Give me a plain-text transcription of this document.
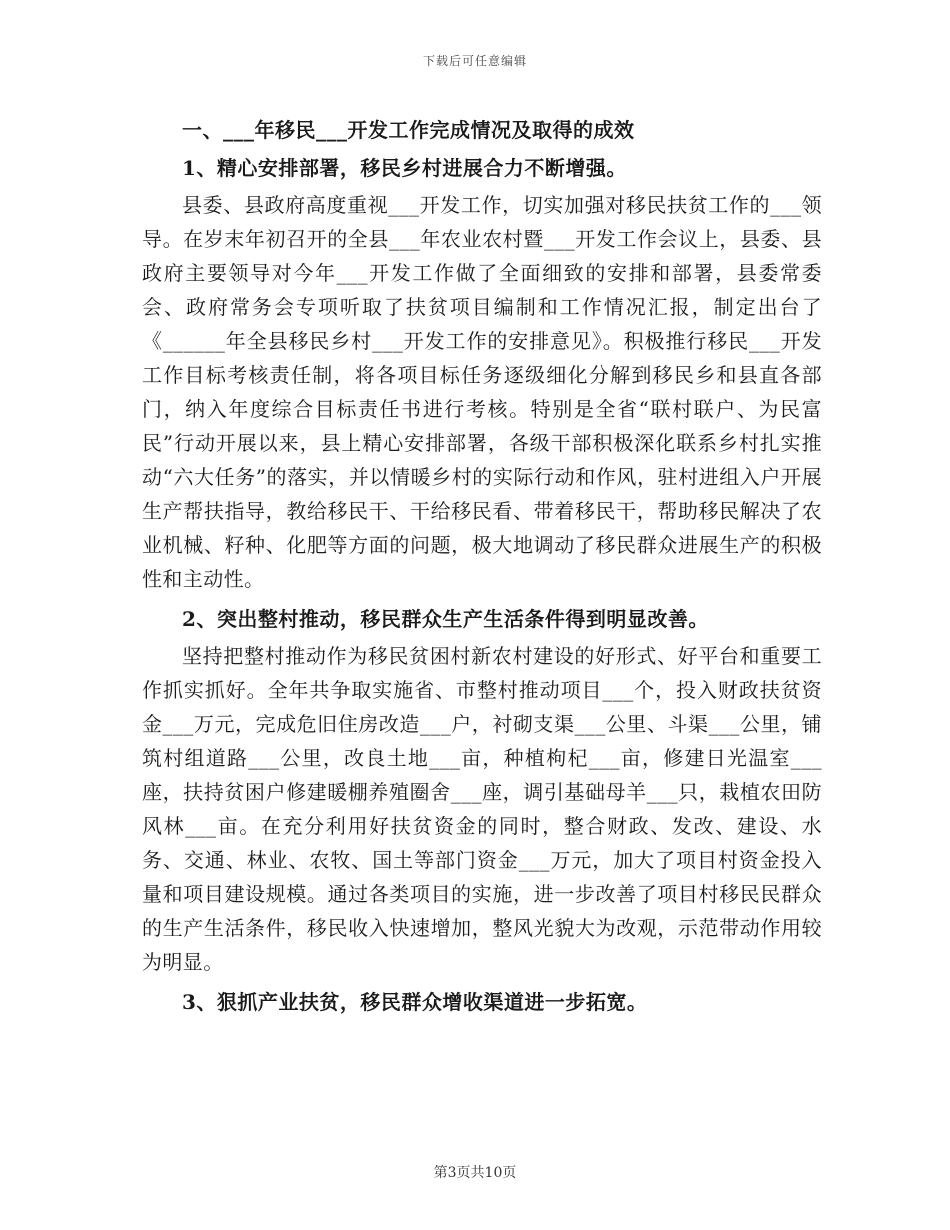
下载后可任意编辑
一、___年移民___开发工作完成情况及取得的成效
1、精心安排部署，移民乡村进展合力不断增强。

县委、县政府高度重视___开发工作，切实加强对移民扶贫工作的___领导。在岁末年初召开的全县___年农业农村暨___开发工作会议上，县委、县政府主要领导对今年___开发工作做了全面细致的安排和部署，县委常委会、政府常务会专项听取了扶贫项目编制和工作情况汇报，制定出台了《______年全县移民乡村___开发工作的安排意见》。积极推行移民___开发工作目标考核责任制，将各项目标任务逐级细化分解到移民乡和县直各部门，纳入年度综合目标责任书进行考核。特别是全省“联村联户、为民富民”行动开展以来，县上精心安排部署，各级干部积极深化联系乡村扎实推动“六大任务”的落实，并以情暖乡村的实际行动和作风，驻村进组入户开展生产帮扶指导，教给移民干、干给移民看、带着移民干，帮助移民解决了农业机械、籽种、化肥等方面的问题，极大地调动了移民群众进展生产的积极性和主动性。

2、突出整村推动，移民群众生产生活条件得到明显改善。

坚持把整村推动作为移民贫困村新农村建设的好形式、好平台和重要工作抓实抓好。全年共争取实施省、市整村推动项目___个，投入财政扶贫资金___万元，完成危旧住房改造___户，衬砌支渠___公里、斗渠___公里，铺筑村组道路___公里，改良土地___亩，种植枸杞___亩，修建日光温室___座，扶持贫困户修建暖棚养殖圈舍___座，调引基础母羊___只，栽植农田防风林___亩。在充分利用好扶贫资金的同时，整合财政、发改、建设、水务、交通、林业、农牧、国土等部门资金___万元，加大了项目村资金投入量和项目建设规模。通过各类项目的实施，进一步改善了项目村移民民群众的生产生活条件，移民收入快速增加，整风光貌大为改观，示范带动作用较为明显。

3、狠抓产业扶贫，移民群众增收渠道进一步拓宽。
第3页共10页
